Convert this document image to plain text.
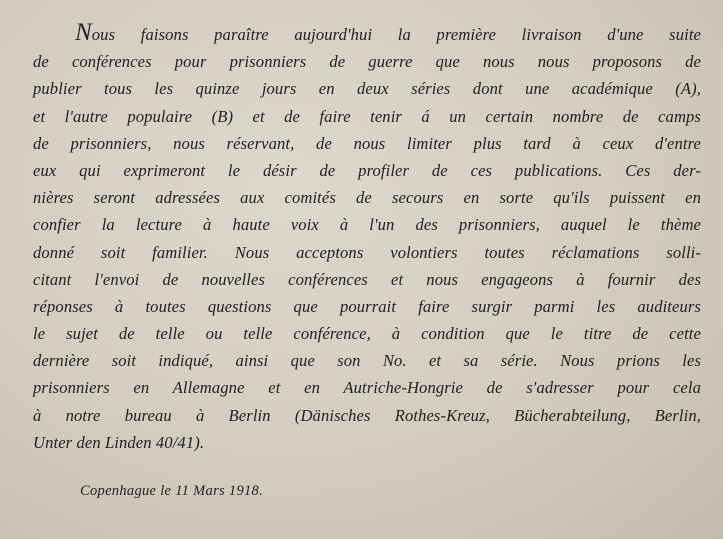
Nous faisons paraître aujourd'hui la première livraison d'une suite
de conférences pour prisonniers de guerre que nous nous proposons de
publier tous les quinze jours en deux séries dont une académique (A),
et l'autre populaire (B) et de faire tenir á un certain nombre de camps
de prisonniers, nous réservant, de nous limiter plus tard à ceux d'entre
eux qui exprimeront le désir de profiler de ces publications. Ces der-
nières seront adressées aux comités de secours en sorte qu'ils puissent en
confier la lecture à haute voix à l'un des prisonniers, auquel le thème
donné soit familier. Nous acceptons volontiers toutes réclamations solli-
citant l'envoi de nouvelles conférences et nous engageons à fournir des
réponses à toutes questions que pourrait faire surgir parmi les auditeurs
le sujet de telle ou telle conférence, à condition que le titre de cette
dernière soit indiqué, ainsi que son No. et sa série. Nous prions les
prisonniers en Allemagne et en Autriche-Hongrie de s'adresser pour cela
à notre bureau à Berlin (Dänisches Rothes-Kreuz, Bücherabteilung, Berlin,
Unter den Linden 40/41).
Copenhague le 11 Mars 1918.
